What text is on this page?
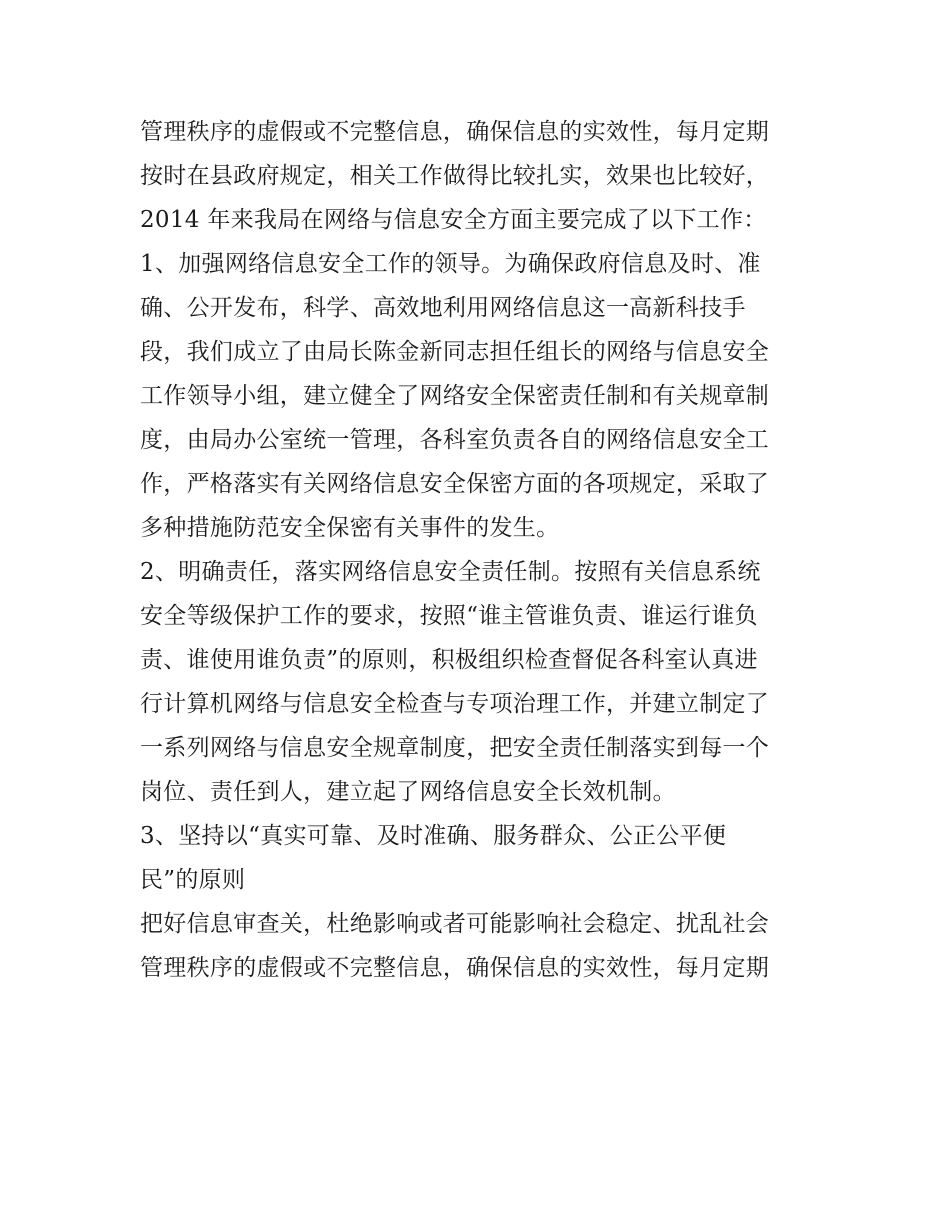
管理秩序的虚假或不完整信息，确保信息的实效性，每月定期
按时在县政府规定，相关工作做得比较扎实，效果也比较好，
2014 年来我局在网络与信息安全方面主要完成了以下工作：
1、加强网络信息安全工作的领导。为确保政府信息及时、准
确、公开发布，科学、高效地利用网络信息这一高新科技手
段，我们成立了由局长陈金新同志担任组长的网络与信息安全
工作领导小组，建立健全了网络安全保密责任制和有关规章制
度，由局办公室统一管理，各科室负责各自的网络信息安全工
作，严格落实有关网络信息安全保密方面的各项规定，采取了
多种措施防范安全保密有关事件的发生。
2、明确责任，落实网络信息安全责任制。按照有关信息系统
安全等级保护工作的要求，按照“谁主管谁负责、谁运行谁负
责、谁使用谁负责”的原则，积极组织检查督促各科室认真进
行计算机网络与信息安全检查与专项治理工作，并建立制定了
一系列网络与信息安全规章制度，把安全责任制落实到每一个
岗位、责任到人，建立起了网络信息安全长效机制。
3、坚持以“真实可靠、及时准确、服务群众、公正公平便
民”的原则
把好信息审查关，杜绝影响或者可能影响社会稳定、扰乱社会
管理秩序的虚假或不完整信息，确保信息的实效性，每月定期
